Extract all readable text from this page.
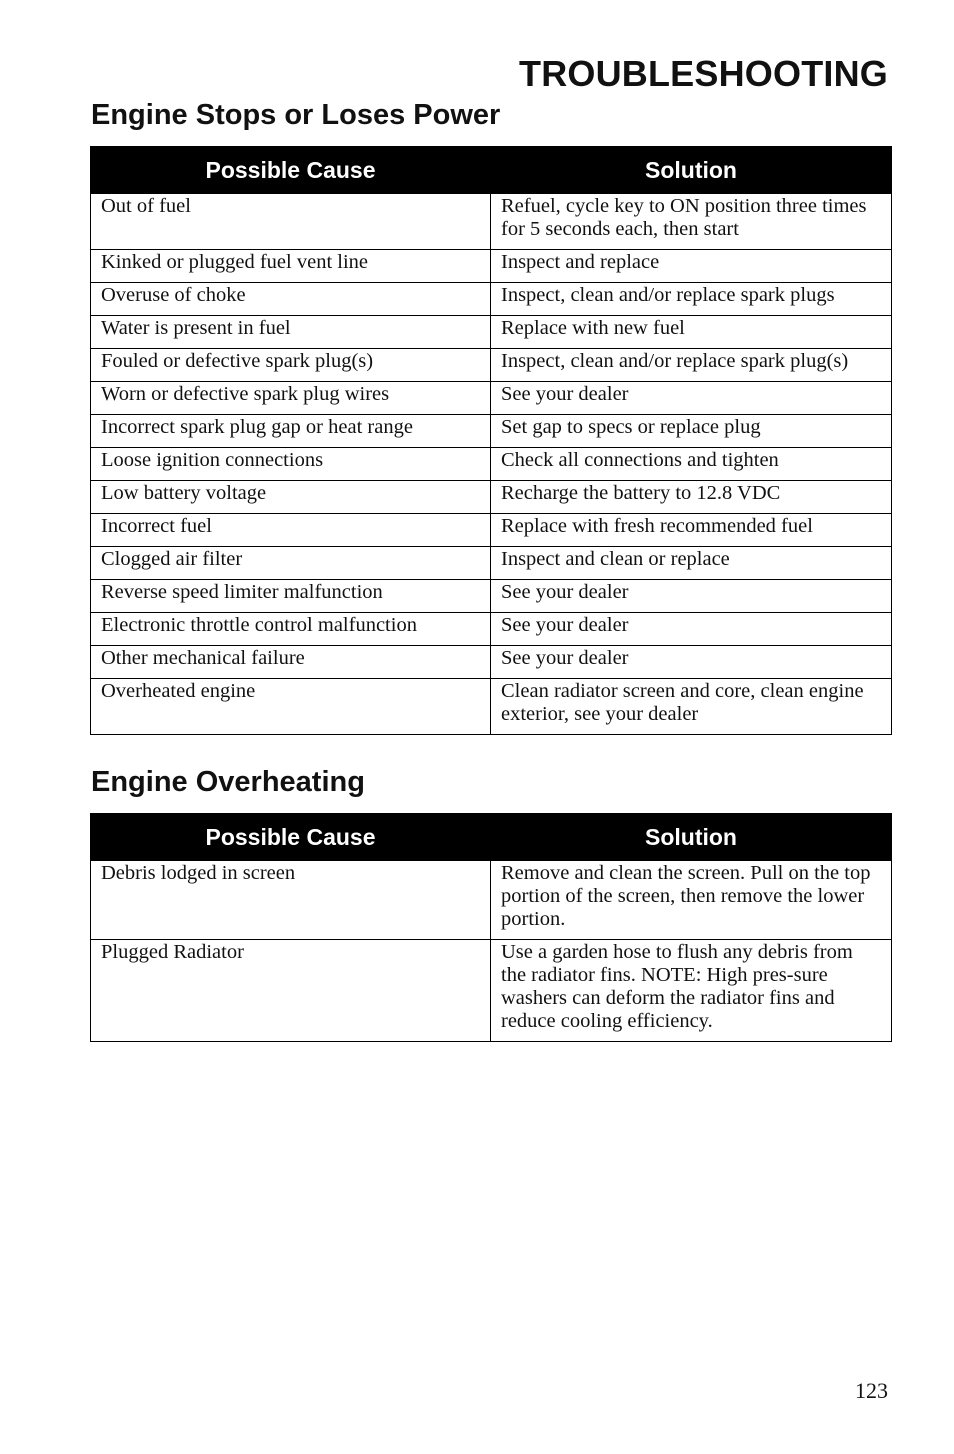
TROUBLESHOOTING
Engine Stops or Loses Power
Possible Cause	Solution
Out of fuel	Refuel, cycle key to ON position three times for 5 seconds each, then start
Kinked or plugged fuel vent line	Inspect and replace
Overuse of choke	Inspect, clean and/or replace spark plugs
Water is present in fuel	Replace with new fuel
Fouled or defective spark plug(s)	Inspect, clean and/or replace spark plug(s)
Worn or defective spark plug wires	See your dealer
Incorrect spark plug gap or heat range	Set gap to specs or replace plug
Loose ignition connections	Check all connections and tighten
Low battery voltage	Recharge the battery to 12.8 VDC
Incorrect fuel	Replace with fresh recommended fuel
Clogged air filter	Inspect and clean or replace
Reverse speed limiter malfunction	See your dealer
Electronic throttle control malfunction	See your dealer
Other mechanical failure	See your dealer
Overheated engine	Clean radiator screen and core, clean engine exterior, see your dealer
Engine Overheating
Possible Cause	Solution
Debris lodged in screen	Remove and clean the screen. Pull on the top portion of the screen, then remove the lower portion.
Plugged Radiator	Use a garden hose to flush any debris from the radiator fins. NOTE: High pres-sure washers can deform the radiator fins and reduce cooling efficiency.

123
